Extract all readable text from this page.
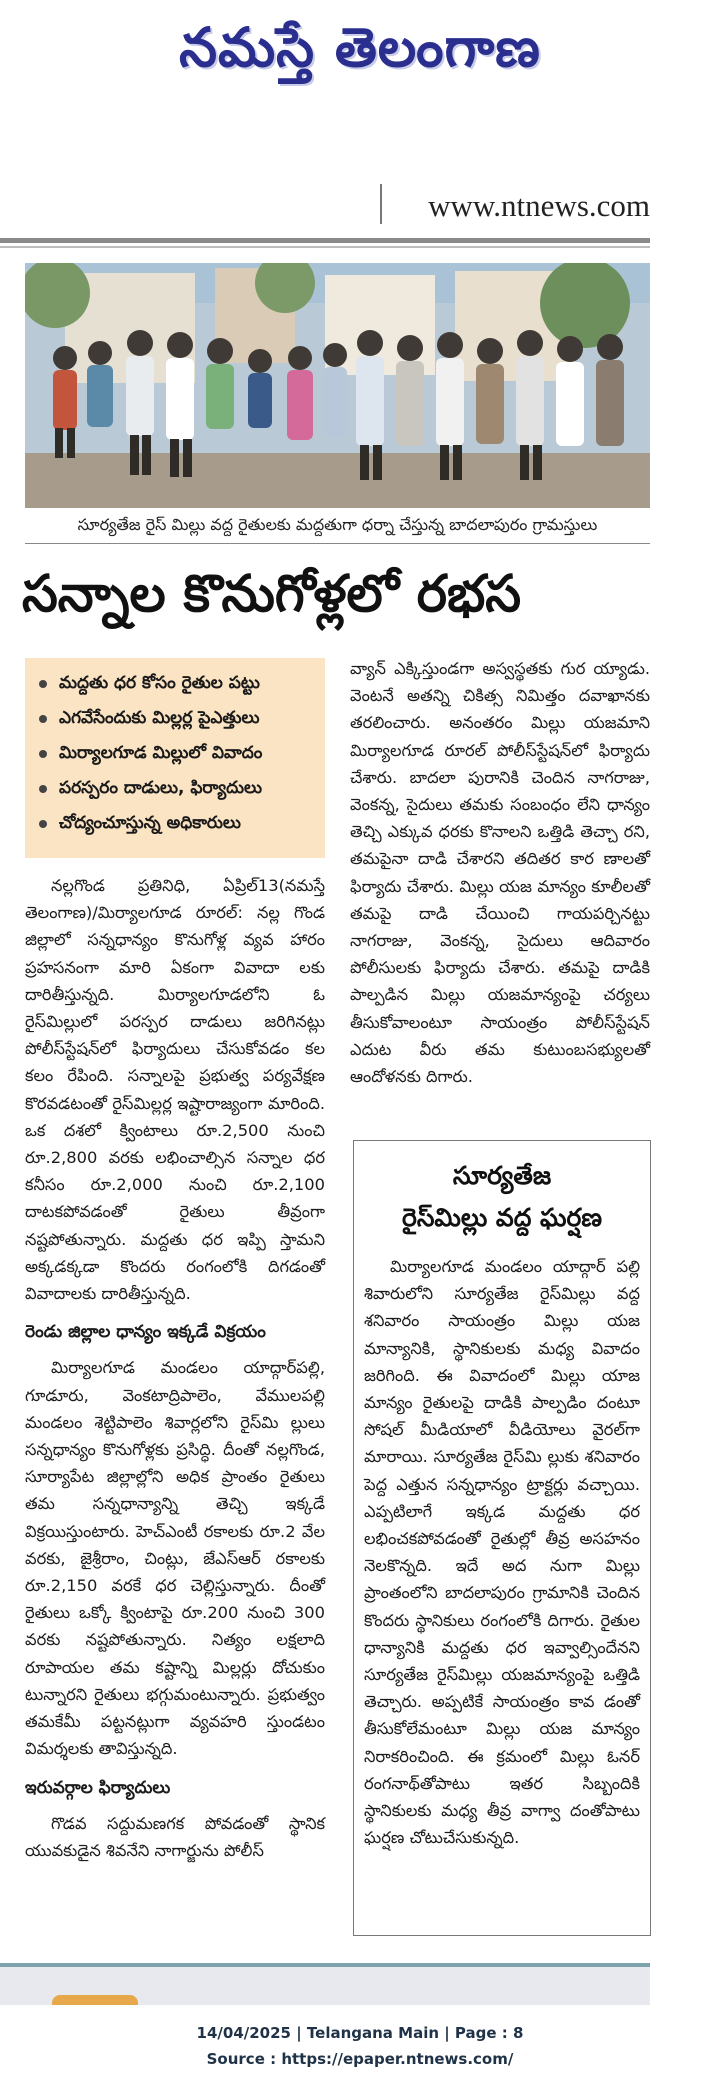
నమస్తే తెలంగాణ
www.ntnews.com
సూర్యతేజ రైస్ మిల్లు వద్ద రైతులకు మద్దతుగా ధర్నా చేస్తున్న బాదలాపురం గ్రామస్తులు
సన్నాల కొనుగోళ్లలో రభస
మద్దతు ధర కోసం రైతుల పట్టు
ఎగవేసేందుకు మిల్లర్ల పైఎత్తులు
మిర్యాలగూడ మిల్లులో వివాదం
పరస్పరం దాడులు, ఫిర్యాదులు
చోద్యంచూస్తున్న అధికారులు

నల్లగొండ ప్రతినిధి, ఏప్రిల్13(నమస్తే తెలంగాణ)/మిర్యాలగూడ రూరల్: నల్ల గొండ జిల్లాలో సన్నధాన్యం కొనుగోళ్ల వ్యవ హారం ప్రహసనంగా మారి ఏకంగా వివాదా లకు దారితీస్తున్నది. మిర్యాలగూడలోని ఓ రైస్‌మిల్లులో పరస్పర దాడులు జరిగినట్లు పోలీస్‌స్టేషన్‌లో ఫిర్యాదులు చేసుకోవడం కల కలం రేపింది. సన్నాలపై ప్రభుత్వ పర్యవేక్షణ కొరవడటంతో రైస్‌మిల్లర్ల ఇష్టారాజ్యంగా మారింది. ఒక దశలో క్వింటాలు రూ.2,500 నుంచి రూ.2,800 వరకు లభించాల్సిన సన్నాల ధర కనీసం రూ.2,000 నుంచి రూ.2,100 దాటకపోవడంతో రైతులు తీవ్రంగా నష్టపోతున్నారు. మద్దతు ధర ఇప్పి స్తామని అక్కడక్కడా కొందరు రంగంలోకి దిగడంతో వివాదాలకు దారితీస్తున్నది.

రెండు జిల్లాల ధాన్యం ఇక్కడే విక్రయం

మిర్యాలగూడ మండలం యాద్గార్‌పల్లి, గూడూరు, వెంకటాద్రిపాలెం, వేములపల్లి మండలం శెట్టిపాలెం శివార్లలోని రైస్‌మి ల్లులు సన్నధాన్యం కొనుగోళ్లకు ప్రసిద్ధి. దీంతో నల్లగొండ, సూర్యాపేట జిల్లాల్లోని అధిక ప్రాంతం రైతులు తమ సన్నధాన్యాన్ని తెచ్చి ఇక్కడే విక్రయిస్తుంటారు. హెచ్‌ఎంటీ రకాలకు రూ.2 వేల వరకు, జైశ్రీరాం, చింట్లు, జేఎస్‌ఆర్ రకాలకు రూ.2,150 వరకే ధర చెల్లిస్తున్నారు. దీంతో రైతులు ఒక్కో క్వింటాపై రూ.200 నుంచి 300 వరకు నష్టపోతున్నారు. నిత్యం లక్షలాది రూపాయల తమ కష్టాన్ని మిల్లర్లు దోచుకుం టున్నారని రైతులు భగ్గుమంటున్నారు. ప్రభుత్వం తమకేమీ పట్టనట్లుగా వ్యవహరి స్తుండటం విమర్శలకు తావిస్తున్నది.

ఇరువర్గాల ఫిర్యాదులు

గొడవ సద్దుమణగక పోవడంతో స్థానిక యువకుడైన శివనేని నాగార్జును పోలీస్

వ్యాన్ ఎక్కిస్తుండగా అస్వస్థతకు గుర య్యాడు. వెంటనే అతన్ని చికిత్స నిమిత్తం దవాఖానకు తరలించారు. అనంతరం మిల్లు యజమాని మిర్యాలగూడ రూరల్ పోలీస్‌స్టేషన్‌లో ఫిర్యాదు చేశారు. బాదలా పురానికి చెందిన నాగరాజు, వెంకన్న, సైదులు తమకు సంబంధం లేని ధాన్యం తెచ్చి ఎక్కువ ధరకు కొనాలని ఒత్తిడి తెచ్చా రని, తమపైనా దాడి చేశారని తదితర కార ణాలతో ఫిర్యాదు చేశారు. మిల్లు యజ మాన్యం కూలీలతో తమపై దాడి చేయించి గాయపర్చినట్టు నాగరాజు, వెంకన్న, సైదులు ఆదివారం పోలీసులకు ఫిర్యాదు చేశారు. తమపై దాడికి పాల్పడిన మిల్లు యజమాన్యంపై చర్యలు తీసుకోవాలంటూ సాయంత్రం పోలీస్‌స్టేషన్ ఎదుట వీరు తమ కుటుంబసభ్యులతో ఆందోళనకు దిగారు.

సూర్యతేజ
రైస్‌మిల్లు వద్ద ఘర్షణ
మిర్యాలగూడ మండలం యాద్గార్ పల్లి శివారులోని సూర్యతేజ రైస్‌మిల్లు వద్ద శనివారం సాయంత్రం మిల్లు యజ మాన్యానికి, స్థానికులకు మధ్య వివాదం జరిగింది. ఈ వివాదంలో మిల్లు యాజ మాన్యం రైతులపై దాడికి పాల్పడిం దంటూ సోషల్ మీడియాలో వీడియోలు వైరల్‌గా మారాయి. సూర్యతేజ రైస్‌మి ల్లుకు శనివారం పెద్ద ఎత్తున సన్నధాన్యం ట్రాక్టర్లు వచ్చాయి. ఎప్పటిలాగే ఇక్కడ మద్దతు ధర లభించకపోవడంతో రైతుల్లో తీవ్ర అసహనం నెలకొన్నది. ఇదే అద నుగా మిల్లు ప్రాంతంలోని బాదలాపురం గ్రామానికి చెందిన కొందరు స్థానికులు రంగంలోకి దిగారు. రైతుల ధాన్యానికి మద్దతు ధర ఇవ్వాల్సిందేనని సూర్యతేజ రైస్‌మిల్లు యజమాన్యంపై ఒత్తిడి తెచ్చారు. అప్పటికే సాయంత్రం కావ డంతో తీసుకోలేమంటూ మిల్లు యజ మాన్యం నిరాకరించింది. ఈ క్రమంలో మిల్లు ఓనర్ రంగనాథ్‌తోపాటు ఇతర సిబ్బందికి స్థానికులకు మధ్య తీవ్ర వాగ్వా దంతోపాటు ఘర్షణ చోటుచేసుకున్నది.
14/04/2025 | Telangana Main | Page : 8
Source : https://epaper.ntnews.com/
